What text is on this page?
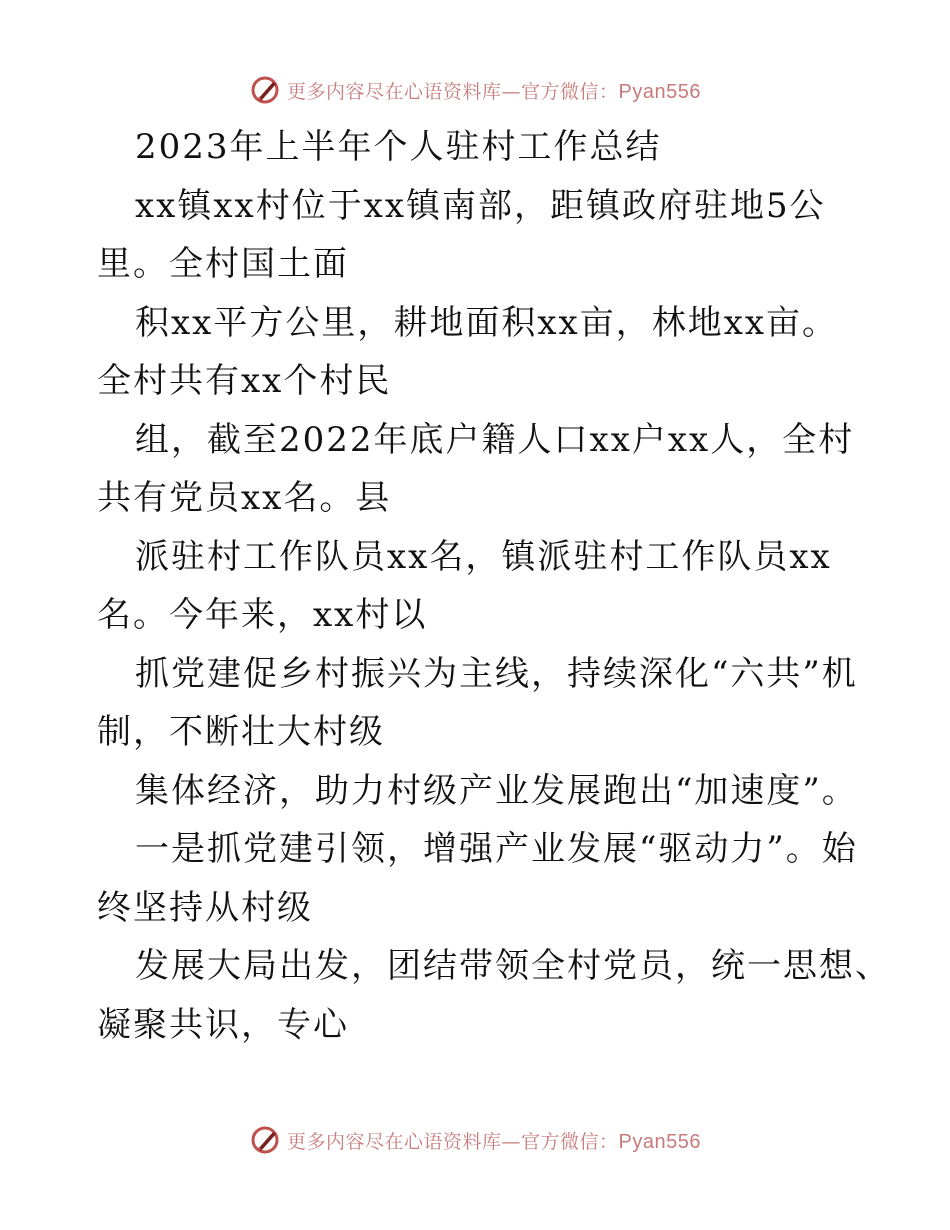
更多内容尽在心语资料库—官方微信：Pyan556
2023年上半年个人驻村工作总结
xx镇xx村位于xx镇南部，距镇政府驻地5公
里。全村国土面
积xx平方公里，耕地面积xx亩，林地xx亩。
全村共有xx个村民
组，截至2022年底户籍人口xx户xx人，全村
共有党员xx名。县
派驻村工作队员xx名，镇派驻村工作队员xx
名。今年来，xx村以
抓党建促乡村振兴为主线，持续深化“六共”机
制，不断壮大村级
集体经济，助力村级产业发展跑出“加速度”。
一是抓党建引领，增强产业发展“驱动力”。始
终坚持从村级
发展大局出发，团结带领全村党员，统一思想、
凝聚共识，专心
更多内容尽在心语资料库—官方微信：Pyan556
